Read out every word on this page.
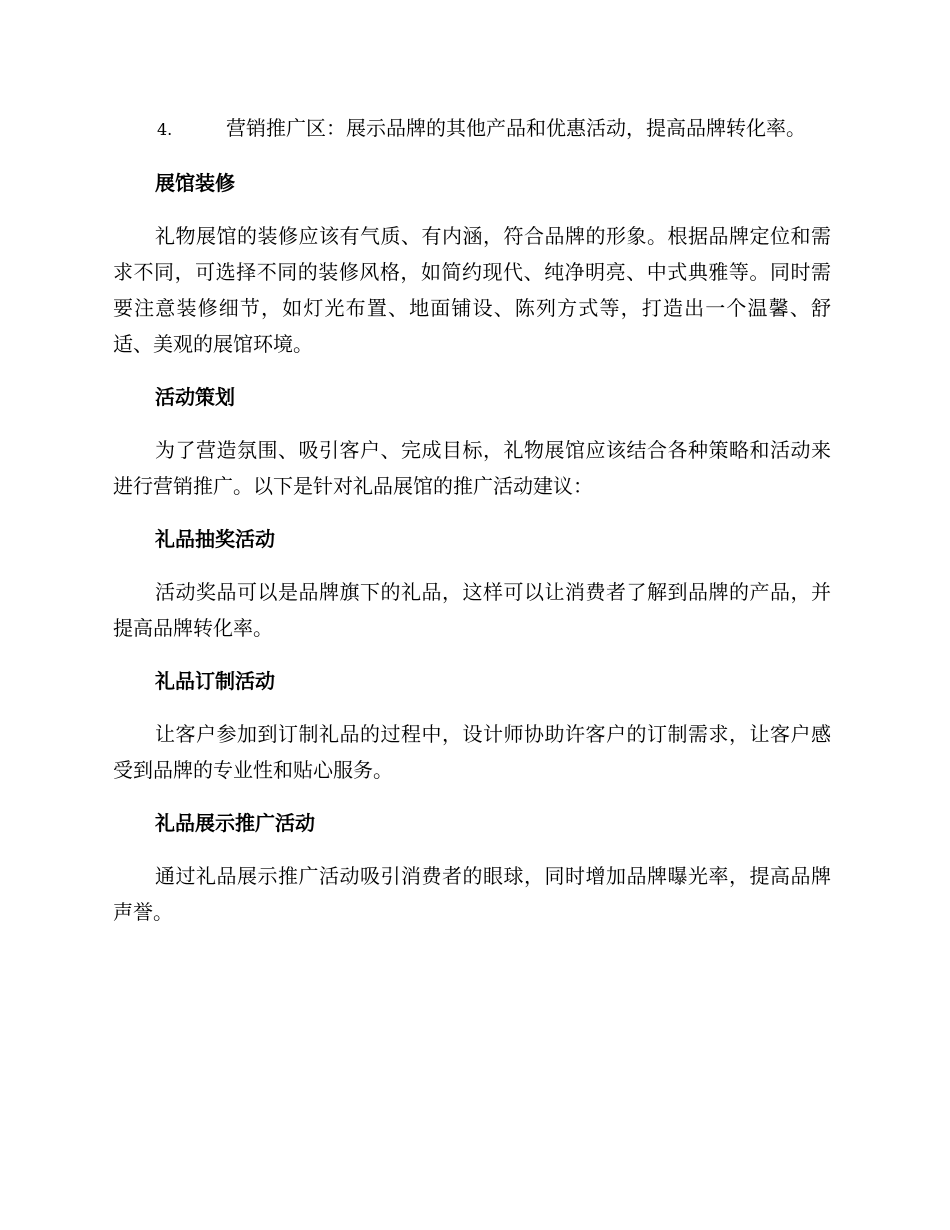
4.	营销推广区：展示品牌的其他产品和优惠活动，提高品牌转化率。

展馆装修

礼物展馆的装修应该有气质、有内涵，符合品牌的形象。根据品牌定位和需求不同，可选择不同的装修风格，如简约现代、纯净明亮、中式典雅等。同时需要注意装修细节，如灯光布置、地面铺设、陈列方式等，打造出一个温馨、舒适、美观的展馆环境。

活动策划

为了营造氛围、吸引客户、完成目标，礼物展馆应该结合各种策略和活动来进行营销推广。以下是针对礼品展馆的推广活动建议：

礼品抽奖活动

活动奖品可以是品牌旗下的礼品，这样可以让消费者了解到品牌的产品，并提高品牌转化率。

礼品订制活动

让客户参加到订制礼品的过程中，设计师协助许客户的订制需求，让客户感受到品牌的专业性和贴心服务。

礼品展示推广活动

通过礼品展示推广活动吸引消费者的眼球，同时增加品牌曝光率，提高品牌声誉。
